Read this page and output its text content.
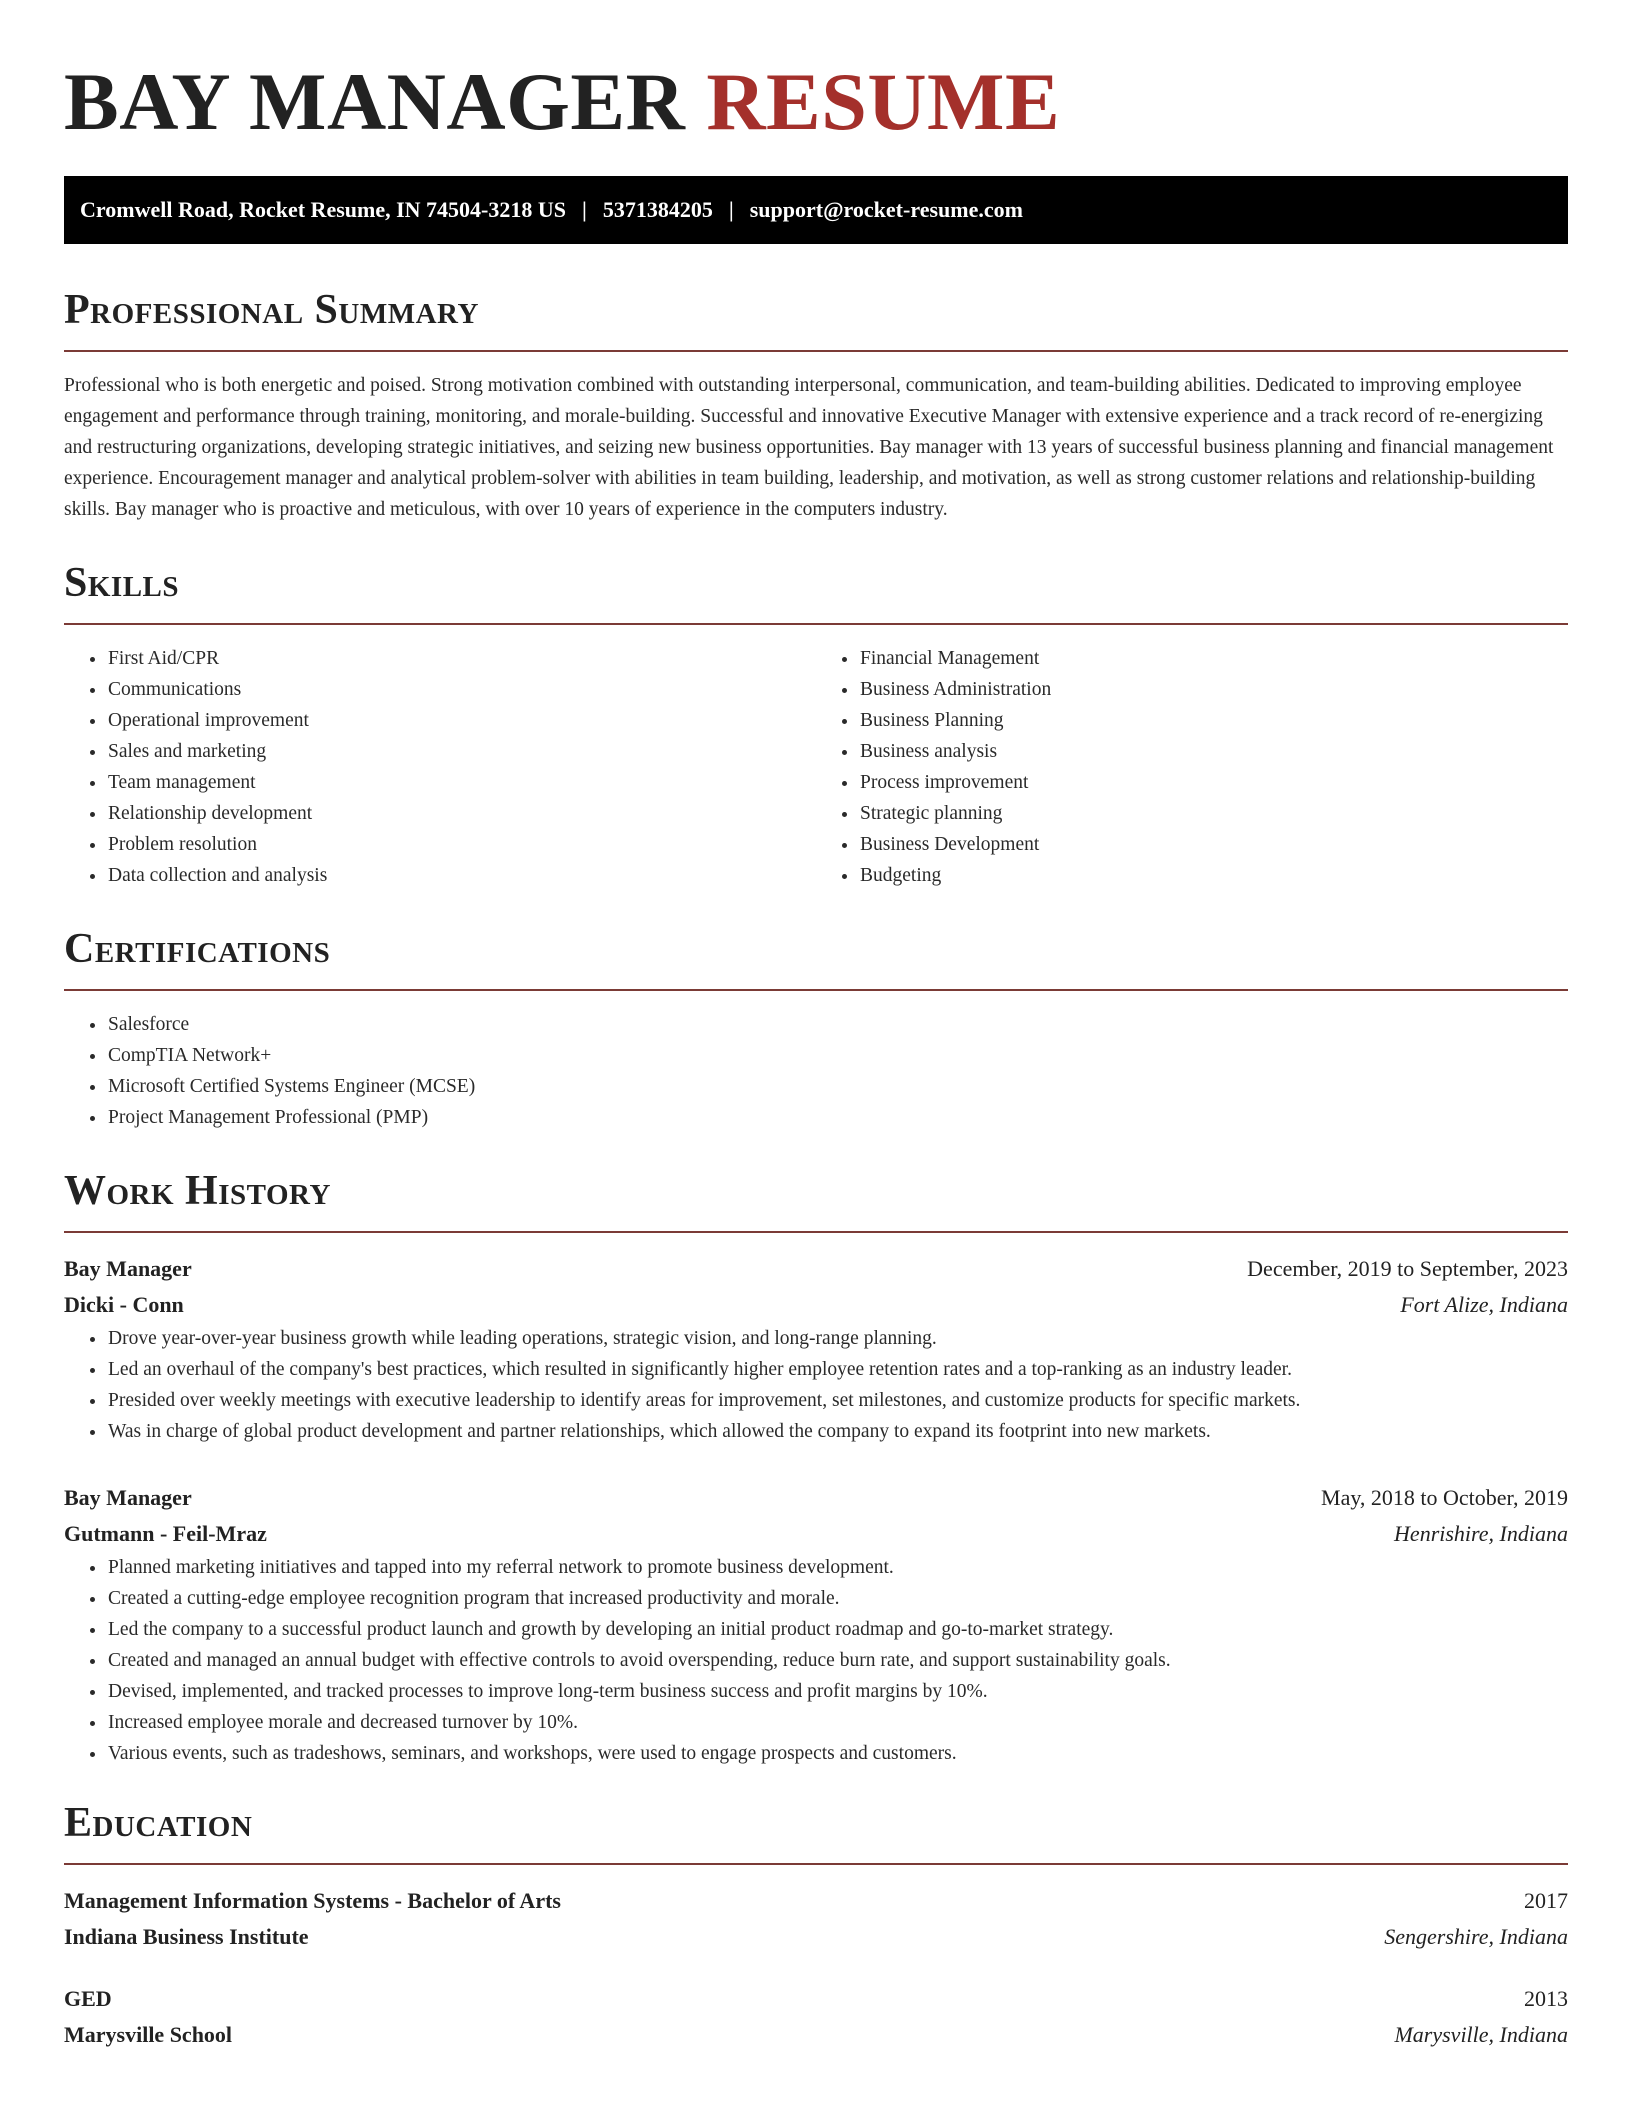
BAY MANAGER RESUME
Cromwell Road, Rocket Resume, IN 74504-3218 US | 5371384205 | support@rocket-resume.com
Professional Summary

Professional who is both energetic and poised. Strong motivation combined with outstanding interpersonal, communication, and team-building abilities. Dedicated to improving employee engagement and performance through training, monitoring, and morale-building. Successful and innovative Executive Manager with extensive experience and a track record of re-energizing and restructuring organizations, developing strategic initiatives, and seizing new business opportunities. Bay manager with 13 years of successful business planning and financial management experience. Encouragement manager and analytical problem-solver with abilities in team building, leadership, and motivation, as well as strong customer relations and relationship-building skills. Bay manager who is proactive and meticulous, with over 10 years of experience in the computers industry.

Skills
• First Aid/CPR
• Communications
• Operational improvement
• Sales and marketing
• Team management
• Relationship development
• Problem resolution
• Data collection and analysis
• Financial Management
• Business Administration
• Business Planning
• Business analysis
• Process improvement
• Strategic planning
• Business Development
• Budgeting
Certifications
• Salesforce
• CompTIA Network+
• Microsoft Certified Systems Engineer (MCSE)
• Project Management Professional (PMP)
Work History
Bay Manager	December, 2019 to September, 2023
Dicki - Conn	Fort Alize, Indiana
• Drove year-over-year business growth while leading operations, strategic vision, and long-range planning.
• Led an overhaul of the company's best practices, which resulted in significantly higher employee retention rates and a top-ranking as an industry leader.
• Presided over weekly meetings with executive leadership to identify areas for improvement, set milestones, and customize products for specific markets.
• Was in charge of global product development and partner relationships, which allowed the company to expand its footprint into new markets.
Bay Manager	May, 2018 to October, 2019
Gutmann - Feil-Mraz	Henrishire, Indiana
• Planned marketing initiatives and tapped into my referral network to promote business development.
• Created a cutting-edge employee recognition program that increased productivity and morale.
• Led the company to a successful product launch and growth by developing an initial product roadmap and go-to-market strategy.
• Created and managed an annual budget with effective controls to avoid overspending, reduce burn rate, and support sustainability goals.
• Devised, implemented, and tracked processes to improve long-term business success and profit margins by 10%.
• Increased employee morale and decreased turnover by 10%.
• Various events, such as tradeshows, seminars, and workshops, were used to engage prospects and customers.
Education
Management Information Systems - Bachelor of Arts	2017
Indiana Business Institute	Sengershire, Indiana
GED	2013
Marysville School	Marysville, Indiana
